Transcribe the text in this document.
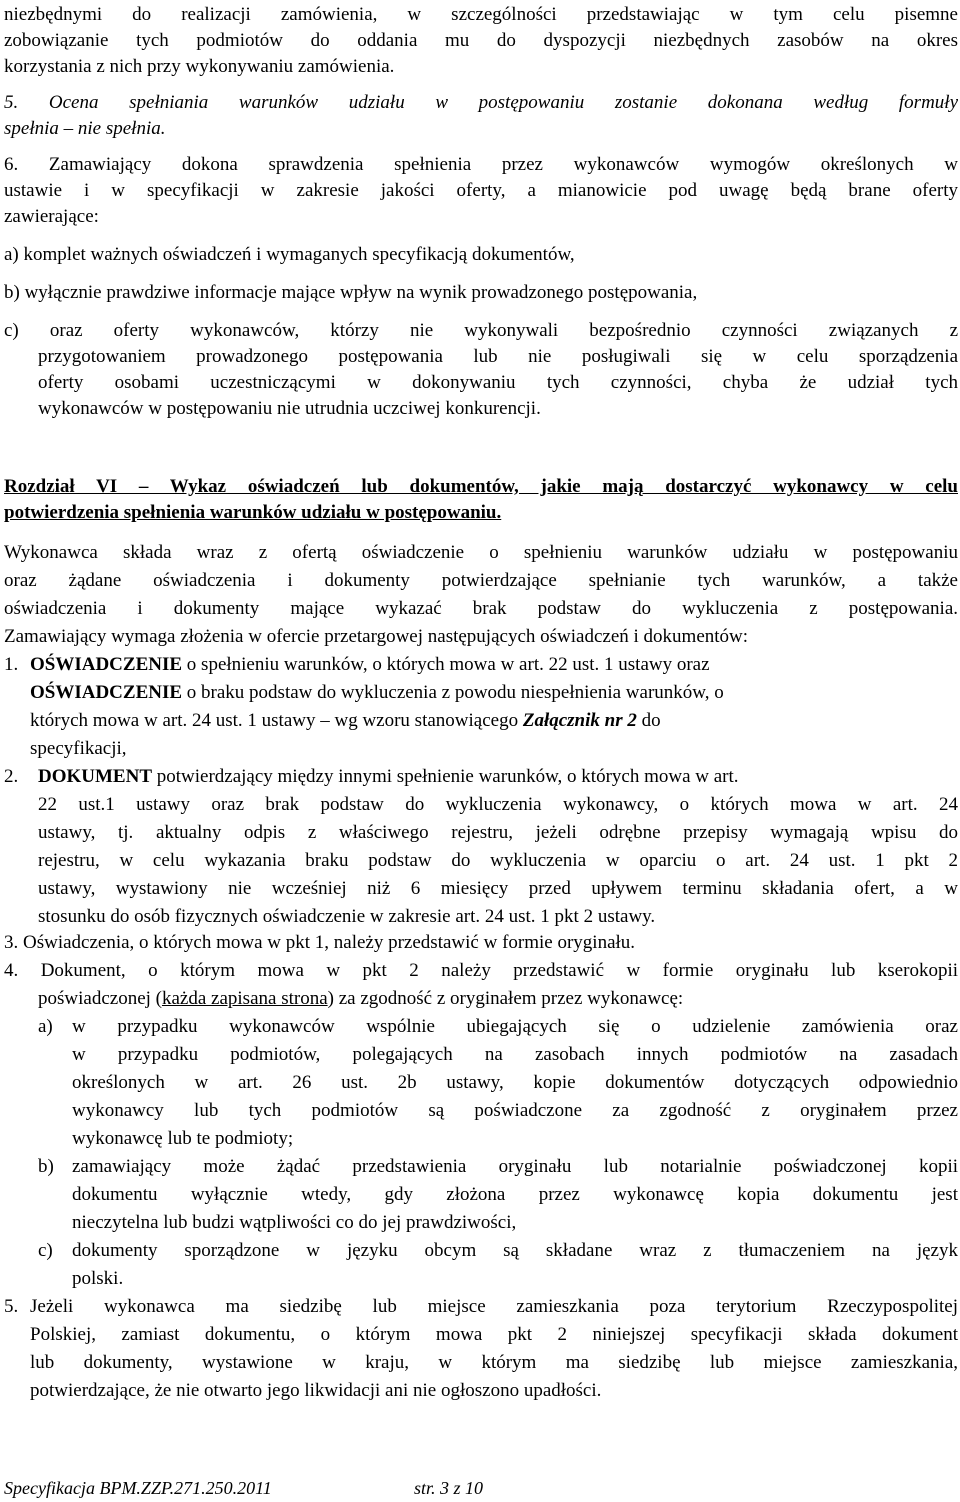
niezbędnymi do realizacji zamówienia, w szczególności przedstawiając w tym celu pisemne
zobowiązanie tych podmiotów do oddania mu do dyspozycji niezbędnych zasobów na okres
korzystania z nich przy wykonywaniu zamówienia.
5. Ocena spełniania warunków udziału w postępowaniu zostanie dokonana według formuły
spełnia – nie spełnia.
6. Zamawiający dokona sprawdzenia spełnienia przez wykonawców wymogów określonych w
ustawie i w specyfikacji w zakresie jakości oferty, a mianowicie pod uwagę będą brane oferty
zawierające:
a) komplet ważnych oświadczeń i wymaganych specyfikacją dokumentów,
b) wyłącznie prawdziwe informacje mające wpływ na wynik prowadzonego postępowania,
c) oraz oferty wykonawców, którzy nie wykonywali bezpośrednio czynności związanych z
przygotowaniem prowadzonego postępowania lub nie posługiwali się w celu sporządzenia
oferty osobami uczestniczącymi w dokonywaniu tych czynności, chyba że udział tych
wykonawców w postępowaniu nie utrudnia uczciwej konkurencji.
Rozdział VI – Wykaz oświadczeń lub dokumentów, jakie mają dostarczyć wykonawcy w celu
potwierdzenia spełnienia warunków udziału w postępowaniu.
Wykonawca składa wraz z ofertą oświadczenie o spełnieniu warunków udziału w postępowaniu
oraz żądane oświadczenia i dokumenty potwierdzające spełnianie tych warunków, a także
oświadczenia i dokumenty mające wykazać brak podstaw do wykluczenia z postępowania.
Zamawiający wymaga złożenia w ofercie przetargowej następujących oświadczeń i dokumentów:
1. OŚWIADCZENIE o spełnieniu warunków, o których mowa w art. 22 ust. 1 ustawy oraz
OŚWIADCZENIE o braku podstaw do wykluczenia z powodu niespełnienia warunków, o
których mowa w art. 24 ust. 1 ustawy – wg wzoru stanowiącego Załącznik nr 2 do
specyfikacji,
2. DOKUMENT potwierdzający między innymi spełnienie warunków, o których mowa w art.
22 ust.1 ustawy oraz brak podstaw do wykluczenia wykonawcy, o których mowa w art. 24
ustawy, tj. aktualny odpis z właściwego rejestru, jeżeli odrębne przepisy wymagają wpisu do
rejestru, w celu wykazania braku podstaw do wykluczenia w oparciu o art. 24 ust. 1 pkt 2
ustawy, wystawiony nie wcześniej niż 6 miesięcy przed upływem terminu składania ofert, a w
stosunku do osób fizycznych oświadczenie w zakresie art. 24 ust. 1 pkt 2 ustawy.
3. Oświadczenia, o których mowa w pkt 1, należy przedstawić w formie oryginału.
4. Dokument, o którym mowa w pkt 2 należy przedstawić w formie oryginału lub kserokopii
poświadczonej (każda zapisana strona) za zgodność z oryginałem przez wykonawcę:
a) w przypadku wykonawców wspólnie ubiegających się o udzielenie zamówienia oraz
w przypadku podmiotów, polegających na zasobach innych podmiotów na zasadach
określonych w art. 26 ust. 2b ustawy, kopie dokumentów dotyczących odpowiednio
wykonawcy lub tych podmiotów są poświadczone za zgodność z oryginałem przez
wykonawcę lub te podmioty;
b) zamawiający może żądać przedstawienia oryginału lub notarialnie poświadczonej kopii
dokumentu wyłącznie wtedy, gdy złożona przez wykonawcę kopia dokumentu jest
nieczytelna lub budzi wątpliwości co do jej prawdziwości,
c) dokumenty sporządzone w języku obcym są składane wraz z tłumaczeniem na język
polski.
5. Jeżeli wykonawca ma siedzibę lub miejsce zamieszkania poza terytorium Rzeczypospolitej
Polskiej, zamiast dokumentu, o którym mowa pkt 2 niniejszej specyfikacji składa dokument
lub dokumenty, wystawione w kraju, w którym ma siedzibę lub miejsce zamieszkania,
potwierdzające, że nie otwarto jego likwidacji ani nie ogłoszono upadłości.
Specyfikacja BPM.ZZP.271.250.2011	str. 3 z 10
